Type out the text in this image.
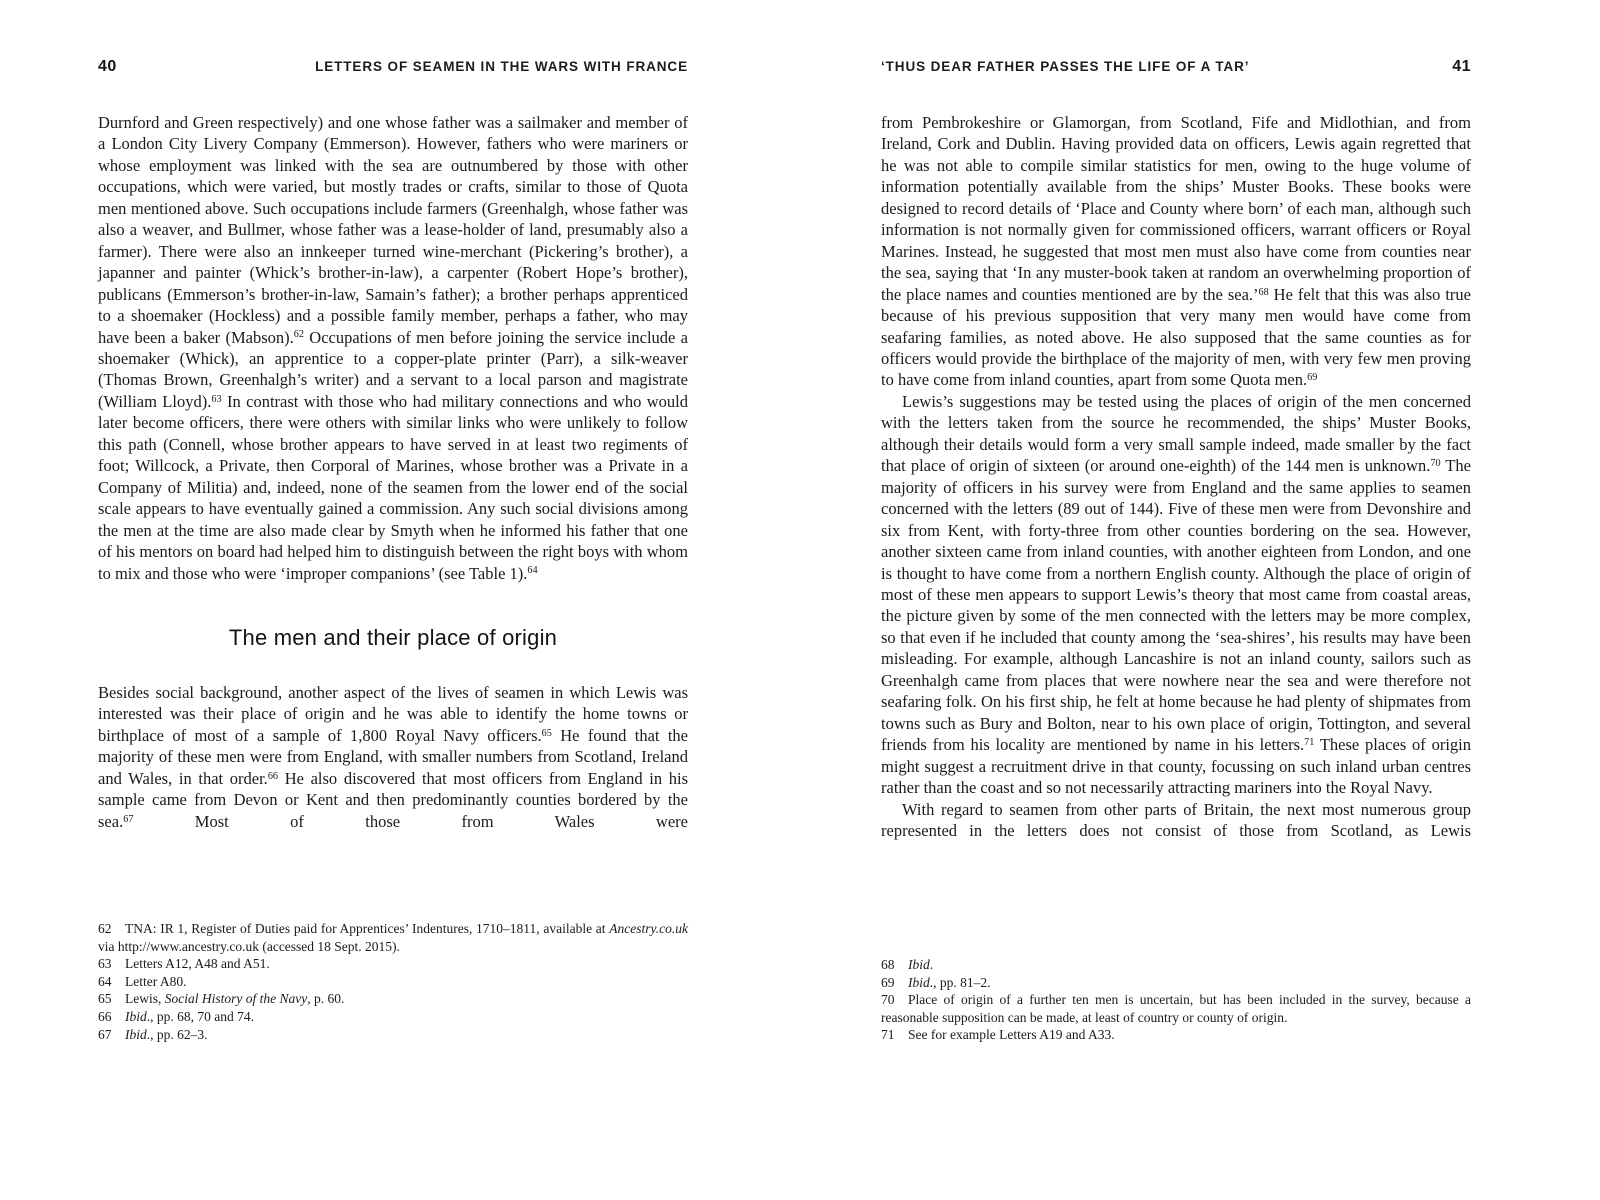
40	LETTERS OF SEAMEN IN THE WARS WITH FRANCE

Durnford and Green respectively) and one whose father was a sailmaker and member of a London City Livery Company (Emmerson). However, fathers who were mariners or whose employment was linked with the sea are outnumbered by those with other occupations, which were varied, but mostly trades or crafts, similar to those of Quota men mentioned above. Such occupations include farmers (Greenhalgh, whose father was also a weaver, and Bullmer, whose father was a lease-holder of land, presumably also a farmer). There were also an innkeeper turned wine-merchant (Pickering’s brother), a japanner and painter (Whick’s brother-in-law), a carpenter (Robert Hope’s brother), publicans (Emmerson’s brother-in-law, Samain’s father); a brother perhaps apprenticed to a shoemaker (Hockless) and a possible family member, perhaps a father, who may have been a baker (Mabson).$^{62}$ Occupations of men before joining the service include a shoemaker (Whick), an apprentice to a copper-plate printer (Parr), a silk-weaver (Thomas Brown, Greenhalgh’s writer) and a servant to a local parson and magistrate (William Lloyd).$^{63}$ In contrast with those who had military connections and who would later become officers, there were others with similar links who were unlikely to follow this path (Connell, whose brother appears to have served in at least two regiments of foot; Willcock, a Private, then Corporal of Marines, whose brother was a Private in a Company of Militia) and, indeed, none of the seamen from the lower end of the social scale appears to have eventually gained a commission. Any such social divisions among the men at the time are also made clear by Smyth when he informed his father that one of his mentors on board had helped him to distinguish between the right boys with whom to mix and those who were ‘improper companions’ (see Table 1).$^{64}$

The men and their place of origin

Besides social background, another aspect of the lives of seamen in which Lewis was interested was their place of origin and he was able to identify the home towns or birthplace of most of a sample of 1,800 Royal Navy officers.$^{65}$ He found that the majority of these men were from England, with smaller numbers from Scotland, Ireland and Wales, in that order.$^{66}$ He also discovered that most officers from England in his sample came from Devon or Kent and then predominantly counties bordered by the sea.$^{67}$ Most of those from Wales were

62 TNA: IR 1, Register of Duties paid for Apprentices’ Indentures, 1710–1811, available at Ancestry.co.uk via http://www.ancestry.co.uk (accessed 18 Sept. 2015).

63 Letters A12, A48 and A51.

64 Letter A80.

65 Lewis, Social History of the Navy, p. 60.

66 Ibid., pp. 68, 70 and 74.

67 Ibid., pp. 62–3.

‘THUS DEAR FATHER PASSES THE LIFE OF A TAR’	41

from Pembrokeshire or Glamorgan, from Scotland, Fife and Midlothian, and from Ireland, Cork and Dublin. Having provided data on officers, Lewis again regretted that he was not able to compile similar statistics for men, owing to the huge volume of information potentially available from the ships’ Muster Books. These books were designed to record details of ‘Place and County where born’ of each man, although such information is not normally given for commissioned officers, warrant officers or Royal Marines. Instead, he suggested that most men must also have come from counties near the sea, saying that ‘In any muster-book taken at random an overwhelming proportion of the place names and counties mentioned are by the sea.’$^{68}$ He felt that this was also true because of his previous supposition that very many men would have come from seafaring families, as noted above. He also supposed that the same counties as for officers would provide the birthplace of the majority of men, with very few men proving to have come from inland counties, apart from some Quota men.$^{69}$

Lewis’s suggestions may be tested using the places of origin of the men concerned with the letters taken from the source he recommended, the ships’ Muster Books, although their details would form a very small sample indeed, made smaller by the fact that place of origin of sixteen (or around one-eighth) of the 144 men is unknown.$^{70}$ The majority of officers in his survey were from England and the same applies to seamen concerned with the letters (89 out of 144). Five of these men were from Devonshire and six from Kent, with forty-three from other counties bordering on the sea. However, another sixteen came from inland counties, with another eighteen from London, and one is thought to have come from a northern English county. Although the place of origin of most of these men appears to support Lewis’s theory that most came from coastal areas, the picture given by some of the men connected with the letters may be more complex, so that even if he included that county among the ‘sea-shires’, his results may have been misleading. For example, although Lancashire is not an inland county, sailors such as Greenhalgh came from places that were nowhere near the sea and were therefore not seafaring folk. On his first ship, he felt at home because he had plenty of shipmates from towns such as Bury and Bolton, near to his own place of origin, Tottington, and several friends from his locality are mentioned by name in his letters.$^{71}$ These places of origin might suggest a recruitment drive in that county, focussing on such inland urban centres rather than the coast and so not necessarily attracting mariners into the Royal Navy.

With regard to seamen from other parts of Britain, the next most numerous group represented in the letters does not consist of those from Scotland, as Lewis

68 Ibid.

69 Ibid., pp. 81–2.

70 Place of origin of a further ten men is uncertain, but has been included in the survey, because a reasonable supposition can be made, at least of country or county of origin.

71 See for example Letters A19 and A33.
